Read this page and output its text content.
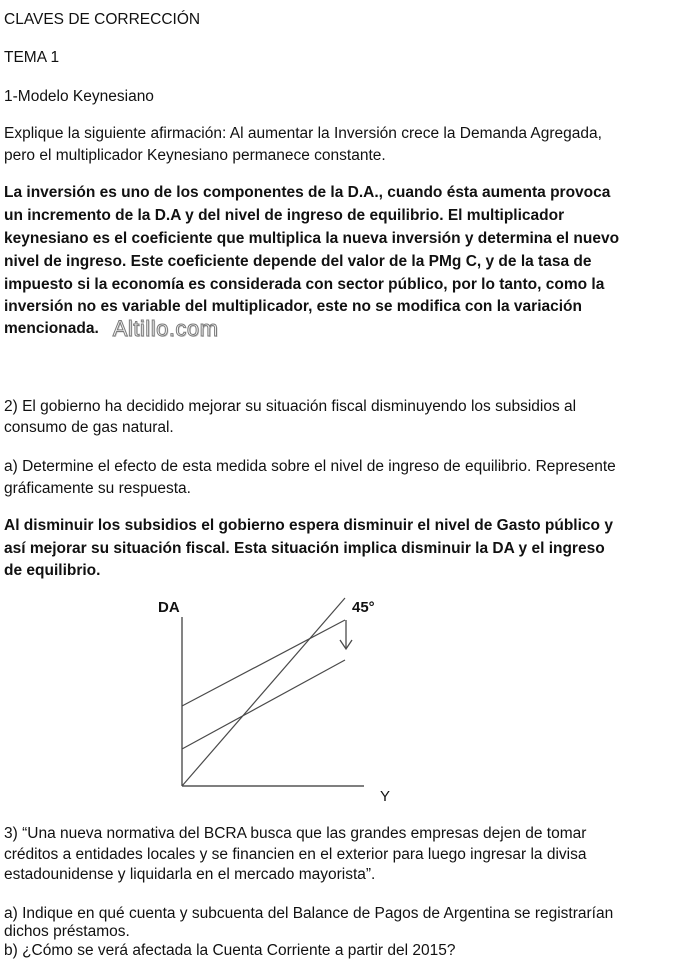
CLAVES DE CORRECCIÓN

TEMA 1

1-Modelo Keynesiano

Explique la siguiente afirmación: Al aumentar la Inversión crece la Demanda Agregada,

pero el multiplicador Keynesiano permanece constante.

La inversión es uno de los componentes de la D.A., cuando ésta aumenta provoca

un incremento de la D.A y del nivel de ingreso de equilibrio. El multiplicador

keynesiano es el coeficiente que multiplica la nueva inversión y determina el nuevo

nivel de ingreso. Este coeficiente depende del valor de la PMg C, y de la tasa de

impuesto si la economía es considerada con sector público, por lo tanto, como la

inversión no es variable del multiplicador, este no se modifica con la variación

mencionada. Altillo.com

2) El gobierno ha decidido mejorar su situación fiscal disminuyendo los subsidios al

consumo de gas natural.

a) Determine el efecto de esta medida sobre el nivel de ingreso de equilibrio. Represente

gráficamente su respuesta.

Al disminuir los subsidios el gobierno espera disminuir el nivel de Gasto público y

así mejorar su situación fiscal. Esta situación implica disminuir la DA y el ingreso

de equilibrio.

DA	45°
Y

3) “Una nueva normativa del BCRA busca que las grandes empresas dejen de tomar

créditos a entidades locales y se financien en el exterior para luego ingresar la divisa

estadounidense y liquidarla en el mercado mayorista”.

a) Indique en qué cuenta y subcuenta del Balance de Pagos de Argentina se registrarían

dichos préstamos.

b) ¿Cómo se verá afectada la Cuenta Corriente a partir del 2015?
